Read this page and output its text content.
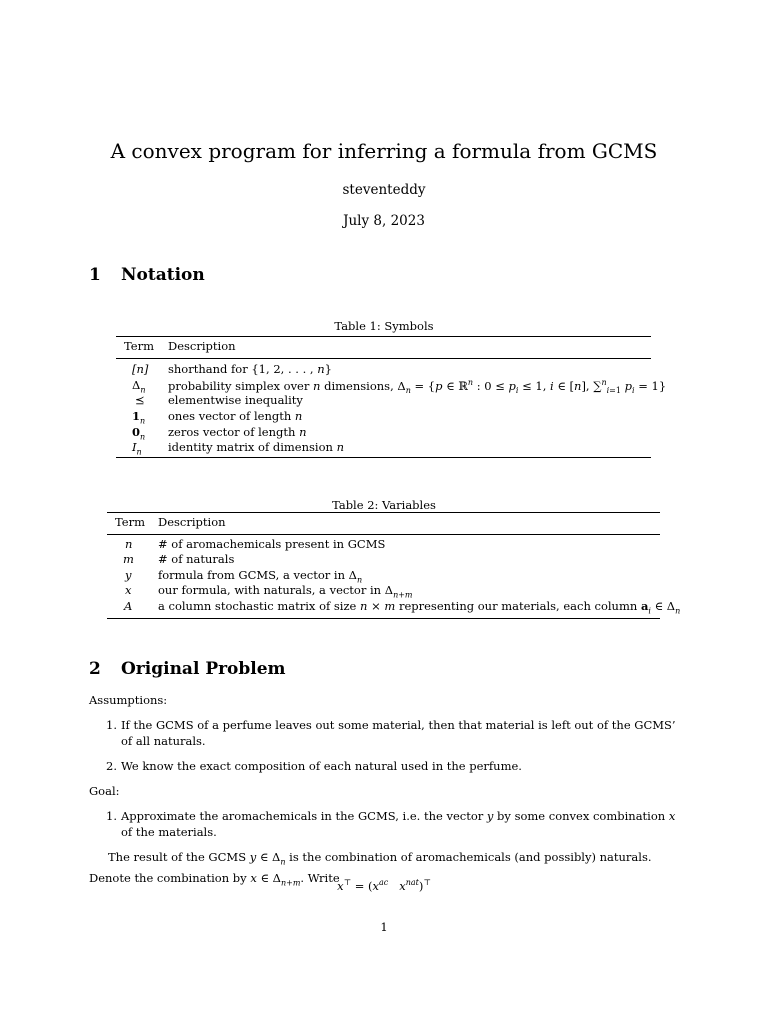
A convex program for inferring a formula from GCMS
steventeddy
July 8, 2023
1 Notation
Table 1: Symbols
Term Description
[n] shorthand for {1, 2, . . . , n}
$\Delta_n$ probability simplex over n dimensions, $\Delta_n = \{p$ ∈ ℝ$^n$ : $0 \le p_i \le 1$, i ∈ [n], ∑$^n_{i=1}$ $p_i = 1$}
⪯ elementwise inequality
$1_n$ ones vector of length n
$0_n$ zeros vector of length n
$I_n$ identity matrix of dimension n
Table 2: Variables
Term Description
n # of aromachemicals present in GCMS
m # of naturals
y formula from GCMS, a vector in $\Delta_n$
x our formula, with naturals, a vector in $\Delta_{n+m}$
A a column stochastic matrix of size n × m representing our materials, each column $a_i$ ∈ $\Delta_n$
2 Original Problem
Assumptions:
1. If the GCMS of a perfume leaves out some material, then that material is left out of the GCMS’ of all naturals.
2. We know the exact composition of each natural used in the perfume.
Goal:
1. Approximate the aromachemicals in the GCMS, i.e. the vector y by some convex combination x of the materials.
The result of the GCMS y ∈ $\Delta_n$ is the combination of aromachemicals (and possibly) naturals. Denote the combination by x ∈ $\Delta_{n+m}$. Write
$x^⊤ = (x^{ac}$ $x^{nat})^⊤$
1
